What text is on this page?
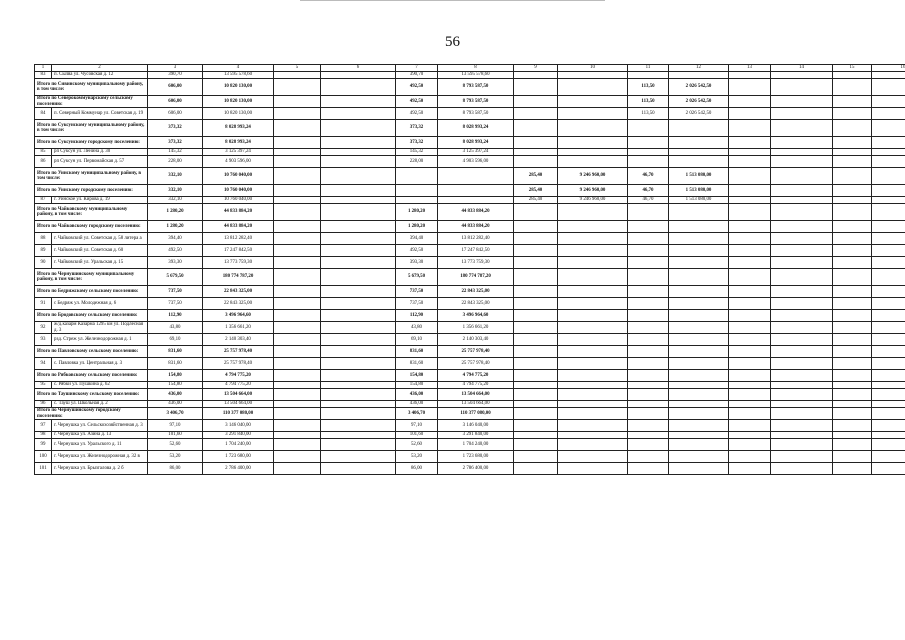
56
1	2	3	4	5	6	7	8	9	10	11	12	13	14	15	16
83	п. Сылва ул. Чусовская д. 12	390,70	13 595 578,60			390,70	13 595 578,60								
Итого по Сивинскому муниципальному району, в том числе:		606,00	10 820 130,00			492,50	8 793 587,50			113,50	2 026 542,50				
Итого по Северокоммунарскому сельскому поселению:		606,00	10 820 130,00			492,50	8 793 587,50			113,50	2 026 542,50				
84	п. Северный Коммунар ул. Советская д. 19	606,00	10 820 130,00			492,50	8 793 587,50			113,50	2 026 542,50				
Итого по Суксунскому муниципальному району, в том числе:		373,32	8 028 993,24			373,32	8 028 993,24								
Итого по Суксунскому городскому поселению:		373,32	8 028 993,24			373,32	8 028 993,24								
85	рп Суксун ул. Ленина д. 30	145,32	3 125 397,24			145,32	3 125 397,24								
86	рп Суксун ул. Первомайская д. 57	228,00	4 903 596,00			228,00	4 903 596,00								
Итого по Уинскому муниципальному району, в том числе:		332,10	10 760 040,00					285,40	9 246 960,00	46,70	1 513 080,00				
Итого по Уинскому городскому поселению:		332,10	10 760 040,00					285,40	9 246 960,00	46,70	1 513 080,00				
87	г. Уинское ул. Кирова д. 19	332,10	10 760 040,00					285,40	9 246 960,00	46,70	1 513 080,00				
Итого по Чайковскому муниципальному району, в том числе:		1 280,20	44 833 884,20			1 280,20	44 833 884,20								
Итого по Чайковскому городскому поселению:		1 280,20	44 833 884,20			1 280,20	44 833 884,20								
88	г. Чайковский ул. Советская д. 58 литера а	394,40	13 812 282,40			394,40	13 812 282,40								
89	г. Чайковский ул. Советская д. 60	492,50	17 247 842,50			492,50	17 247 842,50								
90	г. Чайковский ул. Уральская д. 15	393,30	13 773 759,30			393,30	13 773 759,30								
Итого по Чернушинскому муниципальному району, в том числе:		5 679,50	180 774 787,20			5 679,50	180 774 787,20								
Итого по Бедрижскому сельскому поселению:		737,50	22 843 325,00			737,50	22 843 325,00								
91	с Бедряж ул. Молодежная д. 6	737,50	22 843 325,00			737,50	22 843 325,00								
Итого по Бродовскому сельскому поселению:		112,90	3 496 964,60			112,90	3 496 964,60								
92	ж/д.казарм Казарма 1295 км ул. Подлесная д. 3	43,80	1 356 661,20			43,80	1 356 661,20								
93	рзд. Стреж ул. Железнодорожная д. 1	69,10	2 140 303,40			69,10	2 140 303,40								
Итого по Павловскому сельскому поселению:		831,60	25 757 978,40			831,60	25 757 978,40								
94	с. Павловка ул. Центральная д. 3	831,60	25 757 978,40			831,60	25 757 978,40								
Итого по Рябковскому сельскому поселению:		154,80	4 794 775,20			154,80	4 794 775,20								
95	с. Рябки ул. Пушкина д. 62	154,80	4 794 775,20			154,80	4 794 775,20								
Итого по Таушинскому сельскому поселению:		436,00	13 504 664,00			436,00	13 504 664,00								
96	с. Тауш ул. Школьная д. 2	436,00	13 504 664,00			436,00	13 504 664,00								
Итого по Чернушинскому городскому поселению:		3 406,70	110 377 080,00			3 406,70	110 377 080,00								
97	г. Чернушка ул. Сельскохозяйственная д. 3	97,10	3 146 040,00			97,10	3 146 040,00								
98	г. Чернушка ул. Азина д. 13	101,60	3 291 840,00			101,60	3 291 840,00								
99	г. Чернушка ул. Уральского д. 11	52,60	1 704 240,00			52,60	1 704 240,00								
100	г. Чернушка ул. Железнодорожная д. 32 в	53,20	1 723 680,00			53,20	1 723 680,00								
101	г. Чернушка ул. Брызгалова д. 2 б	86,00	2 786 400,00			86,00	2 786 400,00								
